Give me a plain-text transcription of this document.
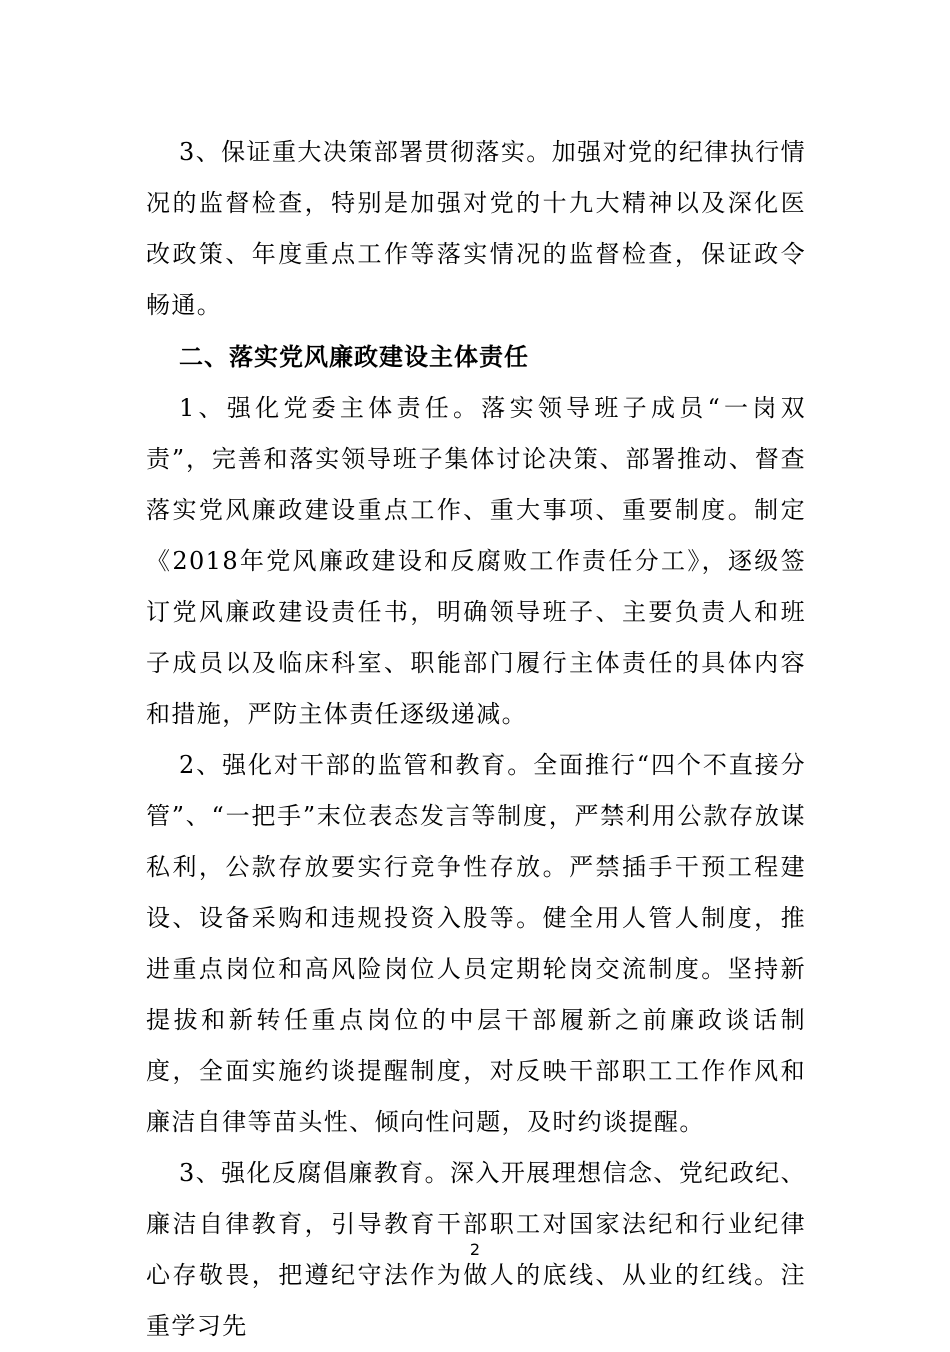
3、保证重大决策部署贯彻落实。加强对党的纪律执行情况的监督检查，特别是加强对党的十九大精神以及深化医改政策、年度重点工作等落实情况的监督检查，保证政令畅通。

二、落实党风廉政建设主体责任

1、强化党委主体责任。落实领导班子成员“一岗双责”，完善和落实领导班子集体讨论决策、部署推动、督查落实党风廉政建设重点工作、重大事项、重要制度。制定《2018年党风廉政建设和反腐败工作责任分工》，逐级签订党风廉政建设责任书，明确领导班子、主要负责人和班子成员以及临床科室、职能部门履行主体责任的具体内容和措施，严防主体责任逐级递减。

2、强化对干部的监管和教育。全面推行“四个不直接分管”、“一把手”末位表态发言等制度，严禁利用公款存放谋私利，公款存放要实行竞争性存放。严禁插手干预工程建设、设备采购和违规投资入股等。健全用人管人制度，推进重点岗位和高风险岗位人员定期轮岗交流制度。坚持新提拔和新转任重点岗位的中层干部履新之前廉政谈话制度，全面实施约谈提醒制度，对反映干部职工工作作风和廉洁自律等苗头性、倾向性问题，及时约谈提醒。

3、强化反腐倡廉教育。深入开展理想信念、党纪政纪、廉洁自律教育，引导教育干部职工对国家法纪和行业纪律心存敬畏，把遵纪守法作为做人的底线、从业的红线。注重学习先

2
